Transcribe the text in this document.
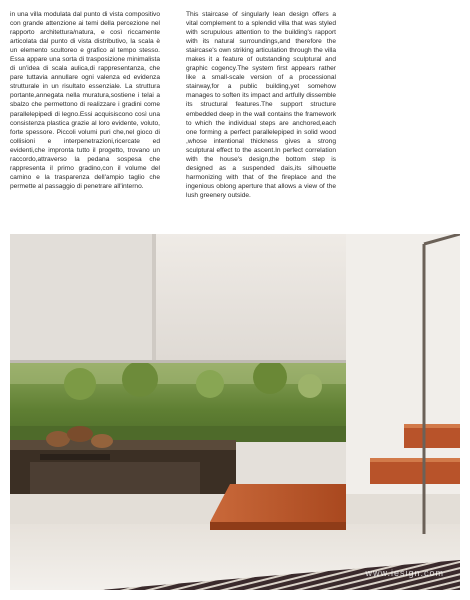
in una villa modulata dal punto di vista compositivo con grande attenzione ai temi della percezione nel rapporto architettura/natura, e così riccamente articolata dal punto di vista distributivo, la scala è un elemento scultoreo e grafico al tempo stesso. Essa appare una sorta di trasposizione minimalista di un'idea di scala aulica,di rappresentanza, che pare tuttavia annullare ogni valenza ed evidenza strutturale in un risultato essenziale. La struttura portante,annegata nella muratura,sostiene i telai a sbalzo che permettono di realizzare i gradini come parallelepipedi di legno.Essi acquisiscono così una consistenza plastica grazie al loro evidente, voluto, forte spessore. Piccoli volumi puri che,nel gioco di collisioni e interpenetrazioni,ricercate ed evidenti,che impronta tutto il progetto, trovano un raccordo,attraverso la pedana sospesa che rappresenta il primo gradino,con il volume del camino e la trasparenza dell'ampio taglio che permette al passaggio di penetrare all'interno.

This staircase of singularly lean design offers a vital complement to a splendid villa that was styled with scrupulous attention to the building's rapport with its natural surroundings,and therefore the staircase's own striking articulation through the villa makes it a feature of outstanding sculptural and graphic cogency.The system first appears rather like a small-scale version of a processional stairway,for a public building,yet somehow manages to soften its impact and artfully dissemble its structural features.The support structure embedded deep in the wall contains the framework to which the individual steps are anchored,each one forming a perfect parallelepiped in solid wood ,whose intentional thickness gives a strong sculptural effect to the ascent.In perfect correlation with the house's design,the bottom step is designed as a suspended dais,its silhouette harmonizing with that of the fireplace and the ingenious oblong aperture that allows a view of the lush greenery outside.

www.iesign.com
